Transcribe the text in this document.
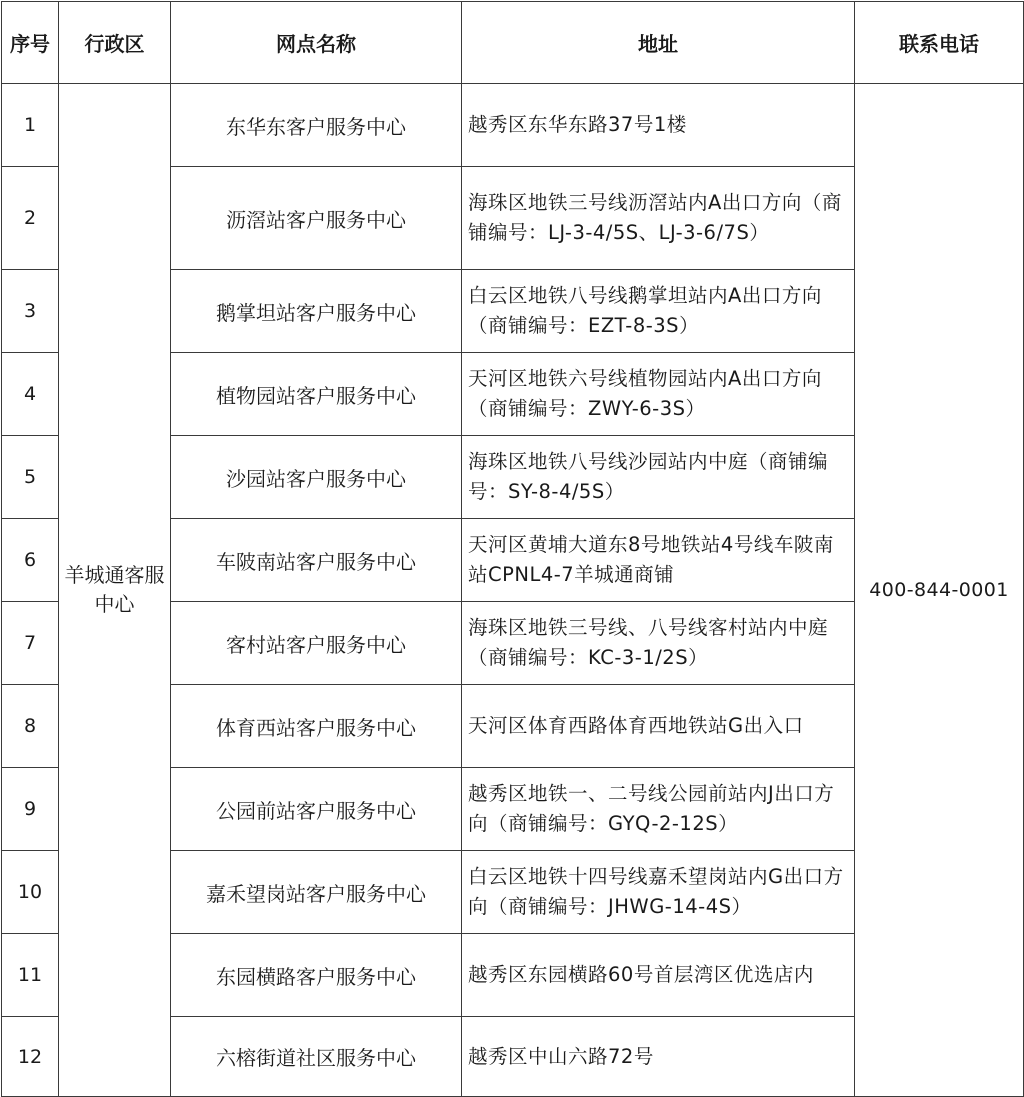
序号	行政区	网点名称	地址	联系电话
1	羊城通客服中心	东华东客户服务中心	越秀区东华东路37号1楼	400-844-0001
2		沥滘站客户服务中心	海珠区地铁三号线沥滘站内A出口方向（商铺编号：LJ-3-4/5S、LJ-3-6/7S）	
3		鹅掌坦站客户服务中心	白云区地铁八号线鹅掌坦站内A出口方向（商铺编号：EZT-8-3S）	
4		植物园站客户服务中心	天河区地铁六号线植物园站内A出口方向（商铺编号：ZWY-6-3S）	
5		沙园站客户服务中心	海珠区地铁八号线沙园站内中庭（商铺编号：SY-8-4/5S）	
6		车陂南站客户服务中心	天河区黄埔大道东8号地铁站4号线车陂南站CPNL4-7羊城通商铺	
7		客村站客户服务中心	海珠区地铁三号线、八号线客村站内中庭（商铺编号：KC-3-1/2S）	
8		体育西站客户服务中心	天河区体育西路体育西地铁站G出入口	
9		公园前站客户服务中心	越秀区地铁一、二号线公园前站内J出口方向（商铺编号：GYQ-2-12S）	
10		嘉禾望岗站客户服务中心	白云区地铁十四号线嘉禾望岗站内G出口方向（商铺编号：JHWG-14-4S）	
11		东园横路客户服务中心	越秀区东园横路60号首层湾区优选店内	
12		六榕街道社区服务中心	越秀区中山六路72号	
